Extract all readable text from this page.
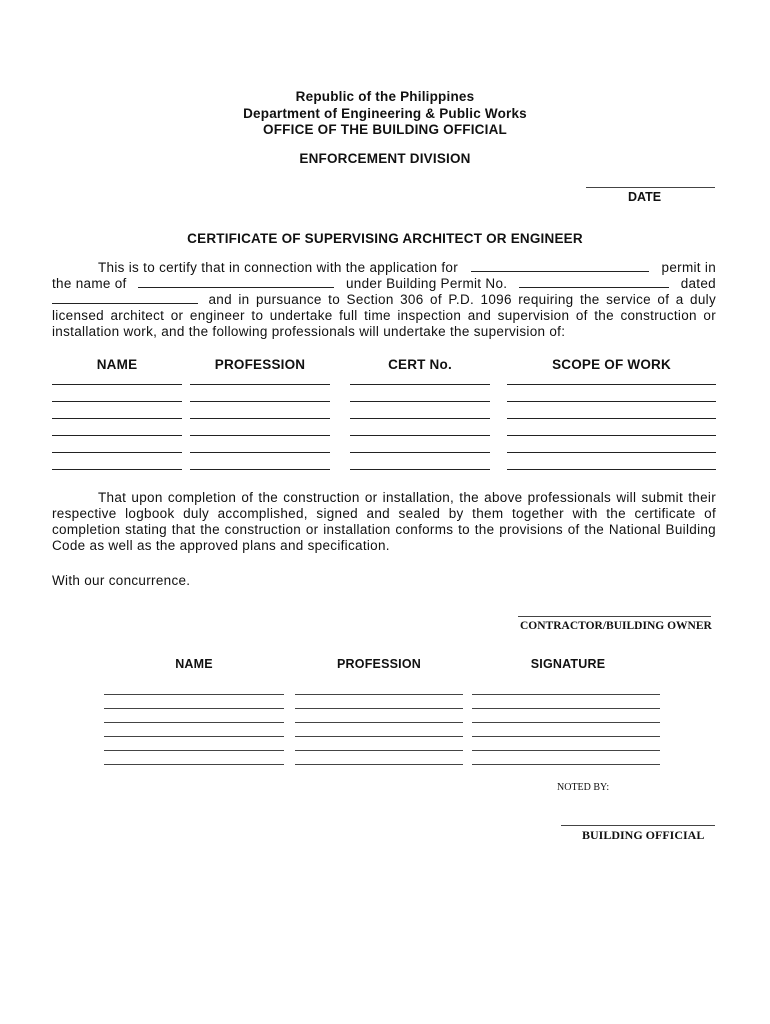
Republic of the Philippines
Department of Engineering & Public Works
OFFICE OF THE BUILDING OFFICIAL
ENFORCEMENT DIVISION
DATE
CERTIFICATE OF SUPERVISING ARCHITECT OR ENGINEER
This is to certify that in connection with the application for	permit in
the name of	under Building Permit No.	dated
and in pursuance to Section 306 of P.D. 1096 requiring the service of a duly licensed architect or engineer to undertake full time inspection and supervision of the construction or installation work, and the following professionals will undertake the supervision of:
NAME	PROFESSION	CERT No.	SCOPE OF WORK
That upon completion of the construction or installation, the above professionals will submit their respective logbook duly accomplished, signed and sealed by them together with the certificate of completion stating that the construction or installation conforms to the provisions of the National Building Code as well as the approved plans and specification.
With our concurrence.
CONTRACTOR/BUILDING OWNER
NAME	PROFESSION	SIGNATURE
NOTED BY:
BUILDING OFFICIAL
